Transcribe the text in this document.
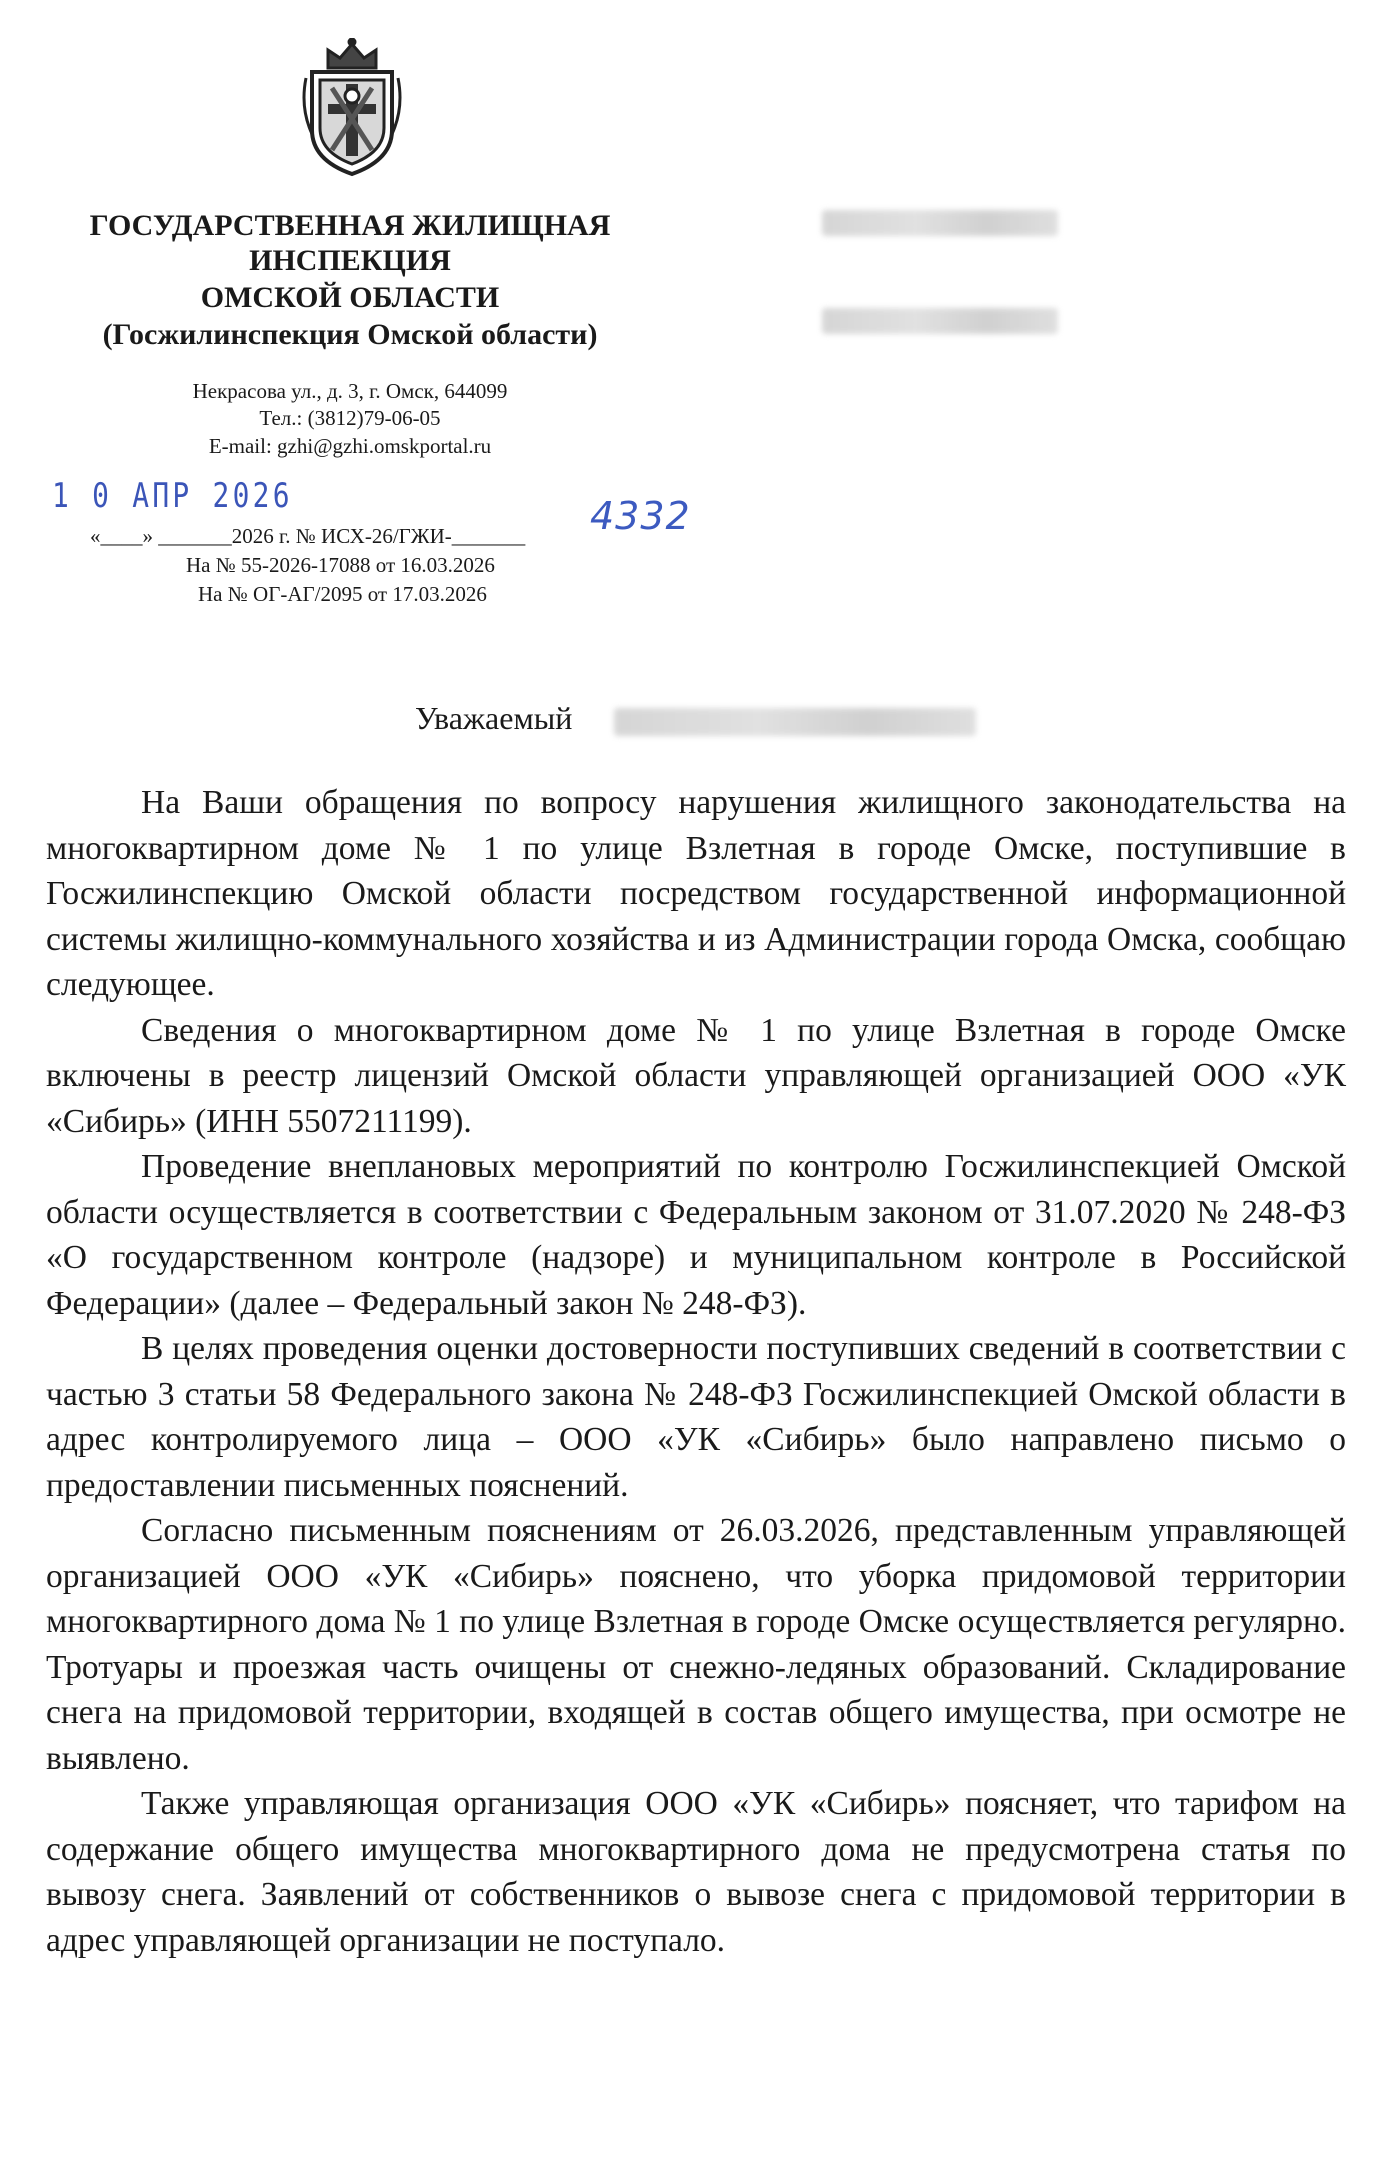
ГОСУДАРСТВЕННАЯ ЖИЛИЩНАЯ
ИНСПЕКЦИЯ
ОМСКОЙ ОБЛАСТИ
(Госжилинспекция Омской области)
Некрасова ул., д. 3, г. Омск, 644099
Тел.: (3812)79-06-05
E-mail: gzhi@gzhi.omskportal.ru
1 0 АПР 2026
«____» _______2026 г. № ИСХ-26/ГЖИ-_______ 4332
На № 55-2026-17088 от 16.03.2026
На № ОГ-АГ/2095 от 17.03.2026
Уважаемый

На Ваши обращения по вопросу нарушения жилищного законодательства на многоквартирном доме № 1 по улице Взлетная в городе Омске, поступившие в Госжилинспекцию Омской области посредством государственной информационной системы жилищно-коммунального хозяйства и из Администрации города Омска, сообщаю следующее.

Сведения о многоквартирном доме № 1 по улице Взлетная в городе Омске включены в реестр лицензий Омской области управляющей организацией ООО «УК «Сибирь» (ИНН 5507211199).

Проведение внеплановых мероприятий по контролю Госжилинспекцией Омской области осуществляется в соответствии с Федеральным законом от 31.07.2020 № 248-ФЗ «О государственном контроле (надзоре) и муниципальном контроле в Российской Федерации» (далее – Федеральный закон № 248-ФЗ).

В целях проведения оценки достоверности поступивших сведений в соответствии с частью 3 статьи 58 Федерального закона № 248-ФЗ Госжилинспекцией Омской области в адрес контролируемого лица – ООО «УК «Сибирь» было направлено письмо о предоставлении письменных пояснений.

Согласно письменным пояснениям от 26.03.2026, представленным управляющей организацией ООО «УК «Сибирь» пояснено, что уборка придомовой территории многоквартирного дома № 1 по улице Взлетная в городе Омске осуществляется регулярно. Тротуары и проезжая часть очищены от снежно-ледяных образований. Складирование снега на придомовой территории, входящей в состав общего имущества, при осмотре не выявлено.

Также управляющая организация ООО «УК «Сибирь» поясняет, что тарифом на содержание общего имущества многоквартирного дома не предусмотрена статья по вывозу снега. Заявлений от собственников о вывозе снега с придомовой территории в адрес управляющей организации не поступало.
